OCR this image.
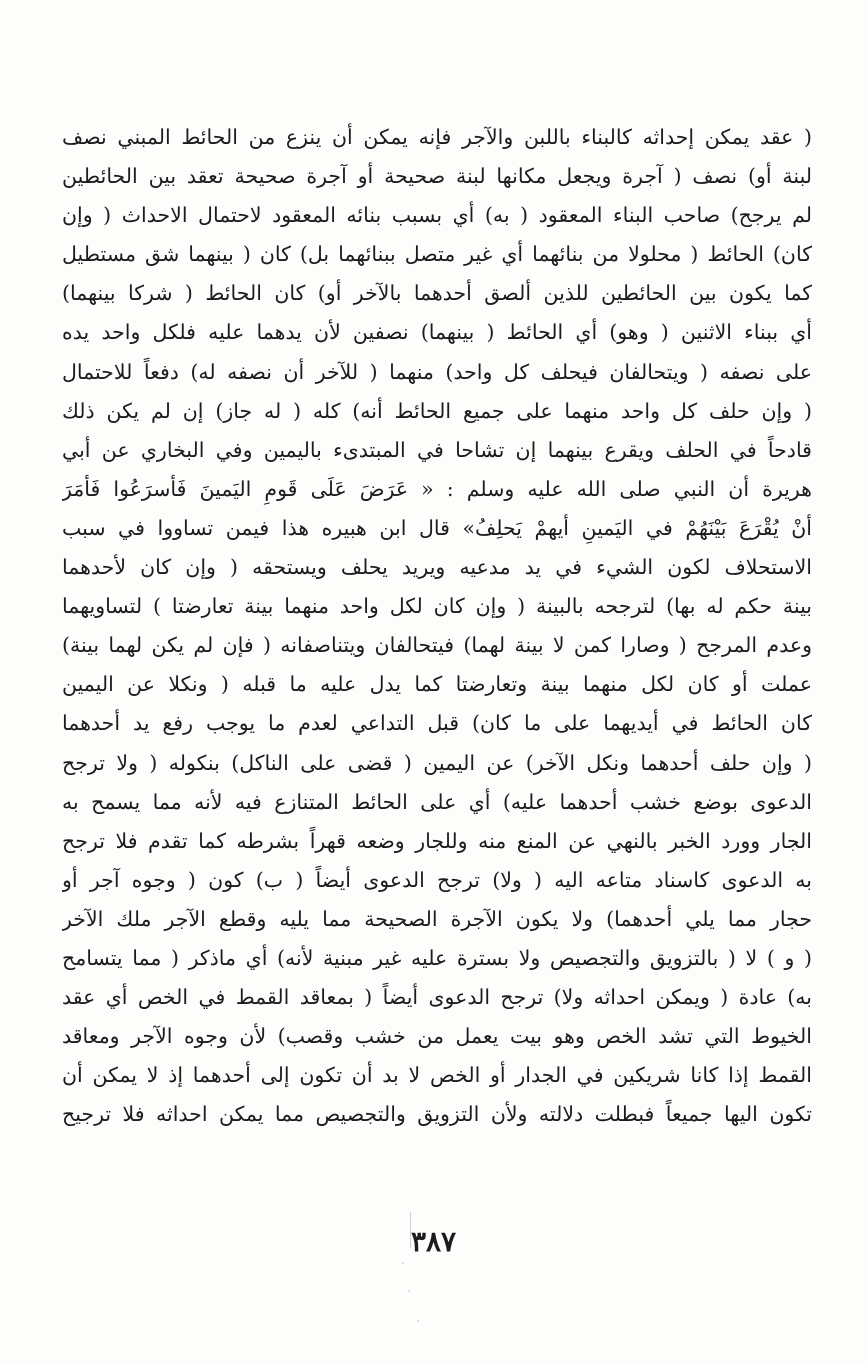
( عقد يمكن إحداثه كالبناء باللبن والآجر فإنه يمكن أن ينزع من الحائط المبني نصف
لبنة أو) نصف ( آجرة ويجعل مكانها لبنة صحيحة أو آجرة صحيحة تعقد بين الحائطين
لم يرجح) صاحب البناء المعقود ( به) أي بسبب بنائه المعقود لاحتمال الاحداث ( وإن
كان) الحائط ( محلولا من بنائهما أي غير متصل ببنائهما بل) كان ( بينهما شق مستطيل
كما يكون بين الحائطين للذين ألصق أحدهما بالآخر أو) كان الحائط ( شركا بينهما)
أي ببناء الاثنين ( وهو) أي الحائط ( بينهما) نصفين لأن يدهما عليه فلكل واحد يده
على نصفه ( ويتحالفان فيحلف كل واحد) منهما ( للآخر أن نصفه له) دفعاً للاحتمال
( وإن حلف كل واحد منهما على جميع الحائط أنه) كله ( له جاز) إن لم يكن ذلك
قادحاً في الحلف ويقرع بينهما إن تشاحا في المبتدىء باليمين وفي البخاري عن أبي
هريرة أن النبي صلى الله عليه وسلم : « عَرَضَ عَلَى قَومِ اليَمينَ فَأسرَعُوا فَأمَرَ
أنْ يُقْرَعَ بَيْنَهُمْ في اليَمينِ أيهمْ يَحلِفُ» قال ابن هبيره هذا فيمن تساووا في سبب
الاستحلاف لكون الشيء في يد مدعيه ويريد يحلف ويستحقه ( وإن كان لأحدهما
بينة حكم له بها) لترجحه بالبينة ( وإن كان لكل واحد منهما بينة تعارضتا ) لتساويهما
وعدم المرجح ( وصارا كمن لا بينة لهما) فيتحالفان ويتناصفانه ( فإن لم يكن لهما بينة)
عملت أو كان لكل منهما بينة وتعارضتا كما يدل عليه ما قبله ( ونكلا عن اليمين
كان الحائط في أيديهما على ما كان) قبل التداعي لعدم ما يوجب رفع يد أحدهما
( وإن حلف أحدهما ونكل الآخر) عن اليمين ( قضى على الناكل) بنكوله ( ولا ترجح
الدعوى بوضع خشب أحدهما عليه) أي على الحائط المتنازع فيه لأنه مما يسمح به
الجار وورد الخبر بالنهي عن المنع منه وللجار وضعه قهراً بشرطه كما تقدم فلا ترجح
به الدعوى كاسناد متاعه اليه ( ولا) ترجح الدعوى أيضاً ( ب) كون ( وجوه آجر أو
حجار مما يلي أحدهما) ولا يكون الآجرة الصحيحة مما يليه وقطع الآجر ملك الآخر
( و ) لا ( بالتزويق والتجصيص ولا بسترة عليه غير مبنية لأنه) أي ماذكر ( مما يتسامح
به) عادة ( ويمكن احداثه ولا) ترجح الدعوى أيضاً ( بمعاقد القمط في الخص أي عقد
الخيوط التي تشد الخص وهو بيت يعمل من خشب وقصب) لأن وجوه الآجر ومعاقد
القمط إذا كانا شريكين في الجدار أو الخص لا بد أن تكون إلى أحدهما إذ لا يمكن أن
تكون اليها جميعاً فبطلت دلالته ولأن التزويق والتجصيص مما يمكن احداثه فلا ترجيح
٣٨٧
